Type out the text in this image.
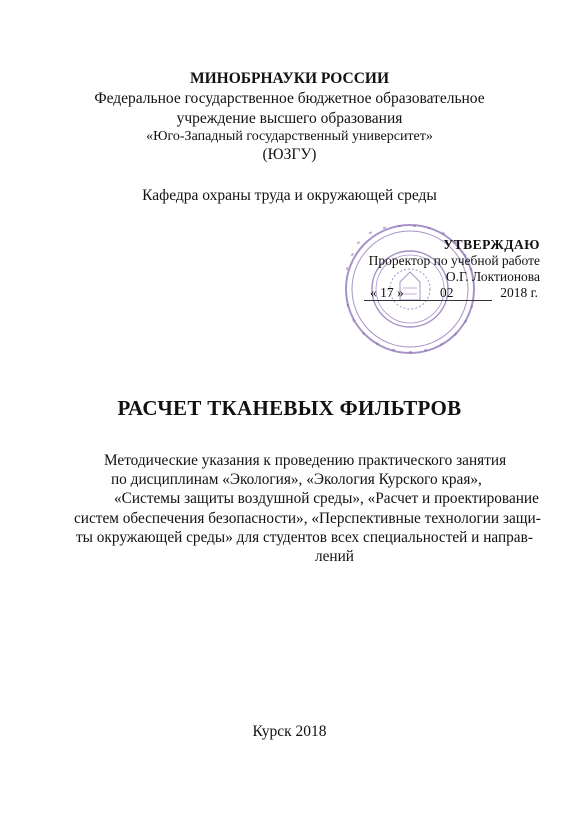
МИНОБРНАУКИ РОССИИ
Федеральное государственное бюджетное образовательное
учреждение высшего образования
«Юго-Западный государственный университет»
(ЮЗГУ)
Кафедра охраны труда и окружающей среды
УТВЕРЖДАЮ
Проректор по учебной работе
О.Г. Локтионова
« 17 »	02	2018 г.
РАСЧЕТ ТКАНЕВЫХ ФИЛЬТРОВ
Методические указания к проведению практического занятия
по дисциплинам «Экология», «Экология Курского края»,
«Системы защиты воздушной среды», «Расчет и проектирование
систем обеспечения безопасности», «Перспективные технологии защи-
ты окружающей среды» для студентов всех специальностей и направ-
лений
Курск 2018
